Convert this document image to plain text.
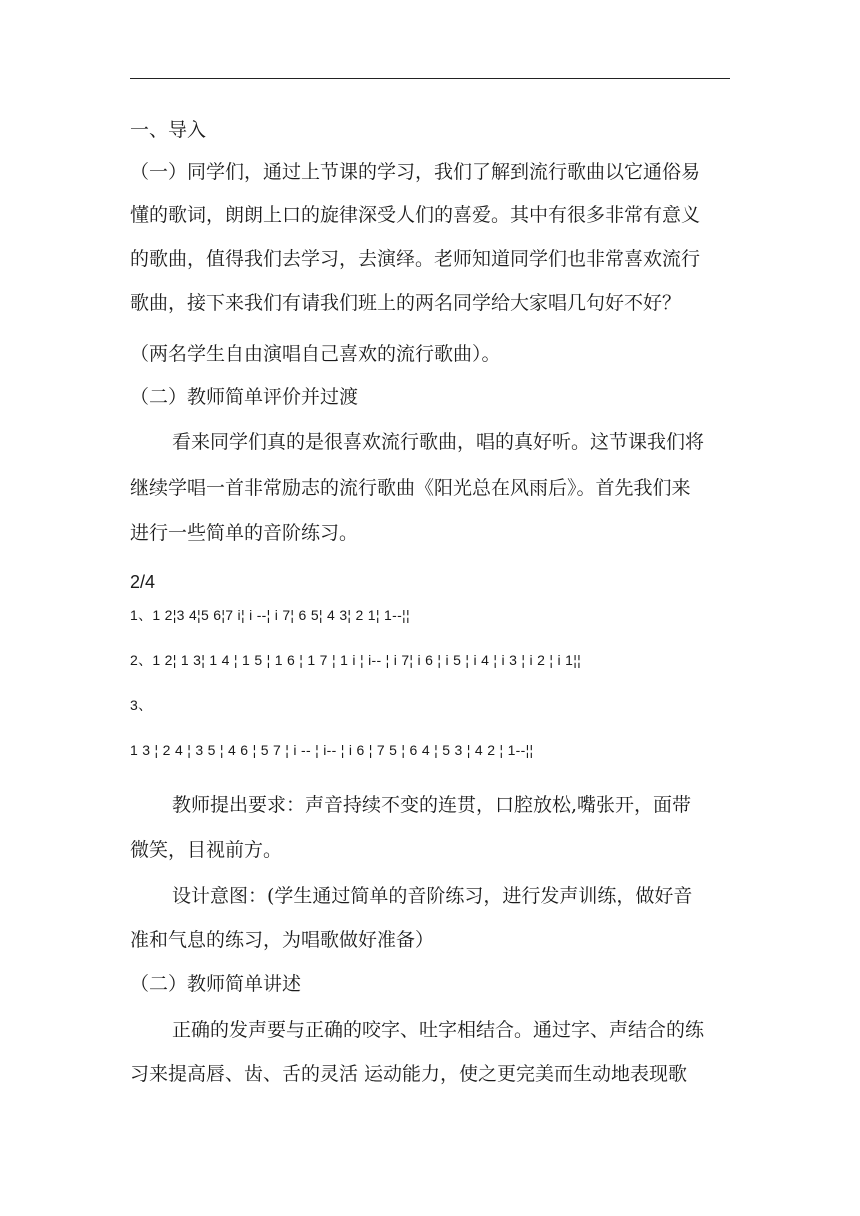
一、导入
（一）同学们，通过上节课的学习，我们了解到流行歌曲以它通俗易
懂的歌词，朗朗上口的旋律深受人们的喜爱。其中有很多非常有意义
的歌曲，值得我们去学习，去演绎。老师知道同学们也非常喜欢流行
歌曲，接下来我们有请我们班上的两名同学给大家唱几句好不好？
（两名学生自由演唱自己喜欢的流行歌曲）。
（二）教师简单评价并过渡
看来同学们真的是很喜欢流行歌曲，唱的真好听。这节课我们将
继续学唱一首非常励志的流行歌曲《阳光总在风雨后》。首先我们来
进行一些简单的音阶练习。
2/4
1、1 2¦3 4¦5 6¦7 i¦ i --¦ i 7¦ 6 5¦ 4 3¦ 2 1¦ 1--¦¦
2、1 2¦ 1 3¦ 1 4 ¦ 1 5 ¦ 1 6 ¦ 1 7 ¦ 1 i ¦ i-- ¦ i 7¦ i 6 ¦ i 5 ¦ i 4 ¦ i 3 ¦ i 2 ¦ i 1¦¦
3、
1 3 ¦ 2 4 ¦ 3 5 ¦ 4 6 ¦ 5 7 ¦ i -- ¦ i-- ¦ i 6 ¦ 7 5 ¦ 6 4 ¦ 5 3 ¦ 4 2 ¦ 1--¦¦
教师提出要求：声音持续不变的连贯，口腔放松,嘴张开，面带
微笑，目视前方。
设计意图：(学生通过简单的音阶练习，进行发声训练，做好音
准和气息的练习，为唱歌做好准备）
（二）教师简单讲述
正确的发声要与正确的咬字、吐字相结合。通过字、声结合的练
习来提高唇、齿、舌的灵活 运动能力，使之更完美而生动地表现歌
